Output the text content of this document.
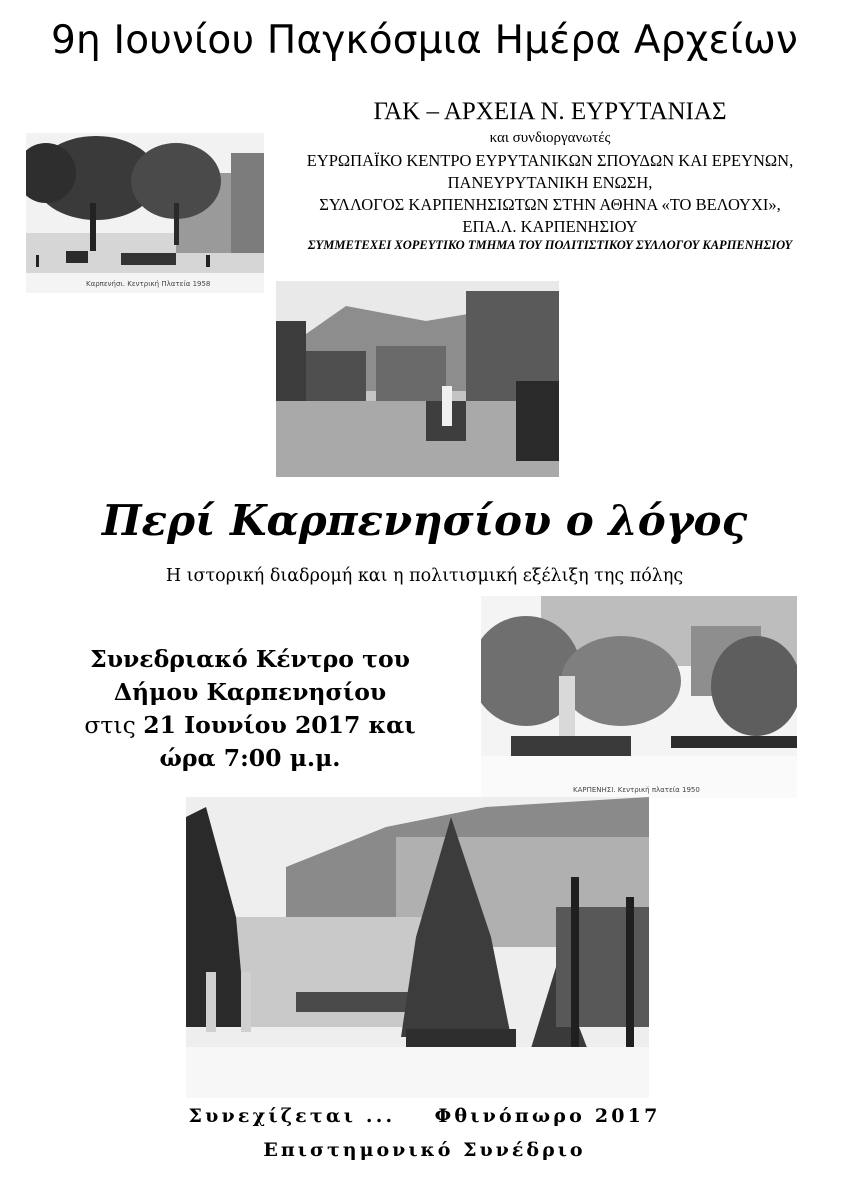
9η Ιουνίου Παγκόσμια Ημέρα Αρχείων
ΓΑΚ – ΑΡΧΕΙΑ Ν. ΕΥΡΥΤΑΝΙΑΣ
και συνδιοργανωτές
ΕΥΡΩΠΑΪΚΟ ΚΕΝΤΡΟ ΕΥΡΥΤΑΝΙΚΩΝ ΣΠΟΥΔΩΝ ΚΑΙ ΕΡΕΥΝΩΝ,
ΠΑΝΕΥΡΥΤΑΝΙΚΗ ΕΝΩΣΗ,
ΣΥΛΛΟΓΟΣ ΚΑΡΠΕΝΗΣΙΩΤΩΝ ΣΤΗΝ ΑΘΗΝΑ «ΤΟ ΒΕΛΟΥΧΙ»,
ΕΠΑ.Λ. ΚΑΡΠΕΝΗΣΙΟΥ
ΣΥΜΜΕΤΕΧΕΙ ΧΟΡΕΥΤΙΚΟ ΤΜΗΜΑ ΤΟΥ ΠΟΛΙΤΙΣΤΙΚΟΥ ΣΥΛΛΟΓΟΥ ΚΑΡΠΕΝΗΣΙΟΥ
Καρπενήσι. Κεντρική Πλατεία 1958
Περί Καρπενησίου ο λόγος
Η ιστορική διαδρομή και η πολιτισμική εξέλιξη της πόλης
Συνεδριακό Κέντρο του
Δήμου Καρπενησίου
στις 21 Ιουνίου 2017 και
ώρα 7:00 μ.μ.
ΚΑΡΠΕΝΗΣΙ. Κεντρική πλατεία 1950
Συνεχίζεται ... Φθινόπωρο 2017
Επιστημονικό Συνέδριο
